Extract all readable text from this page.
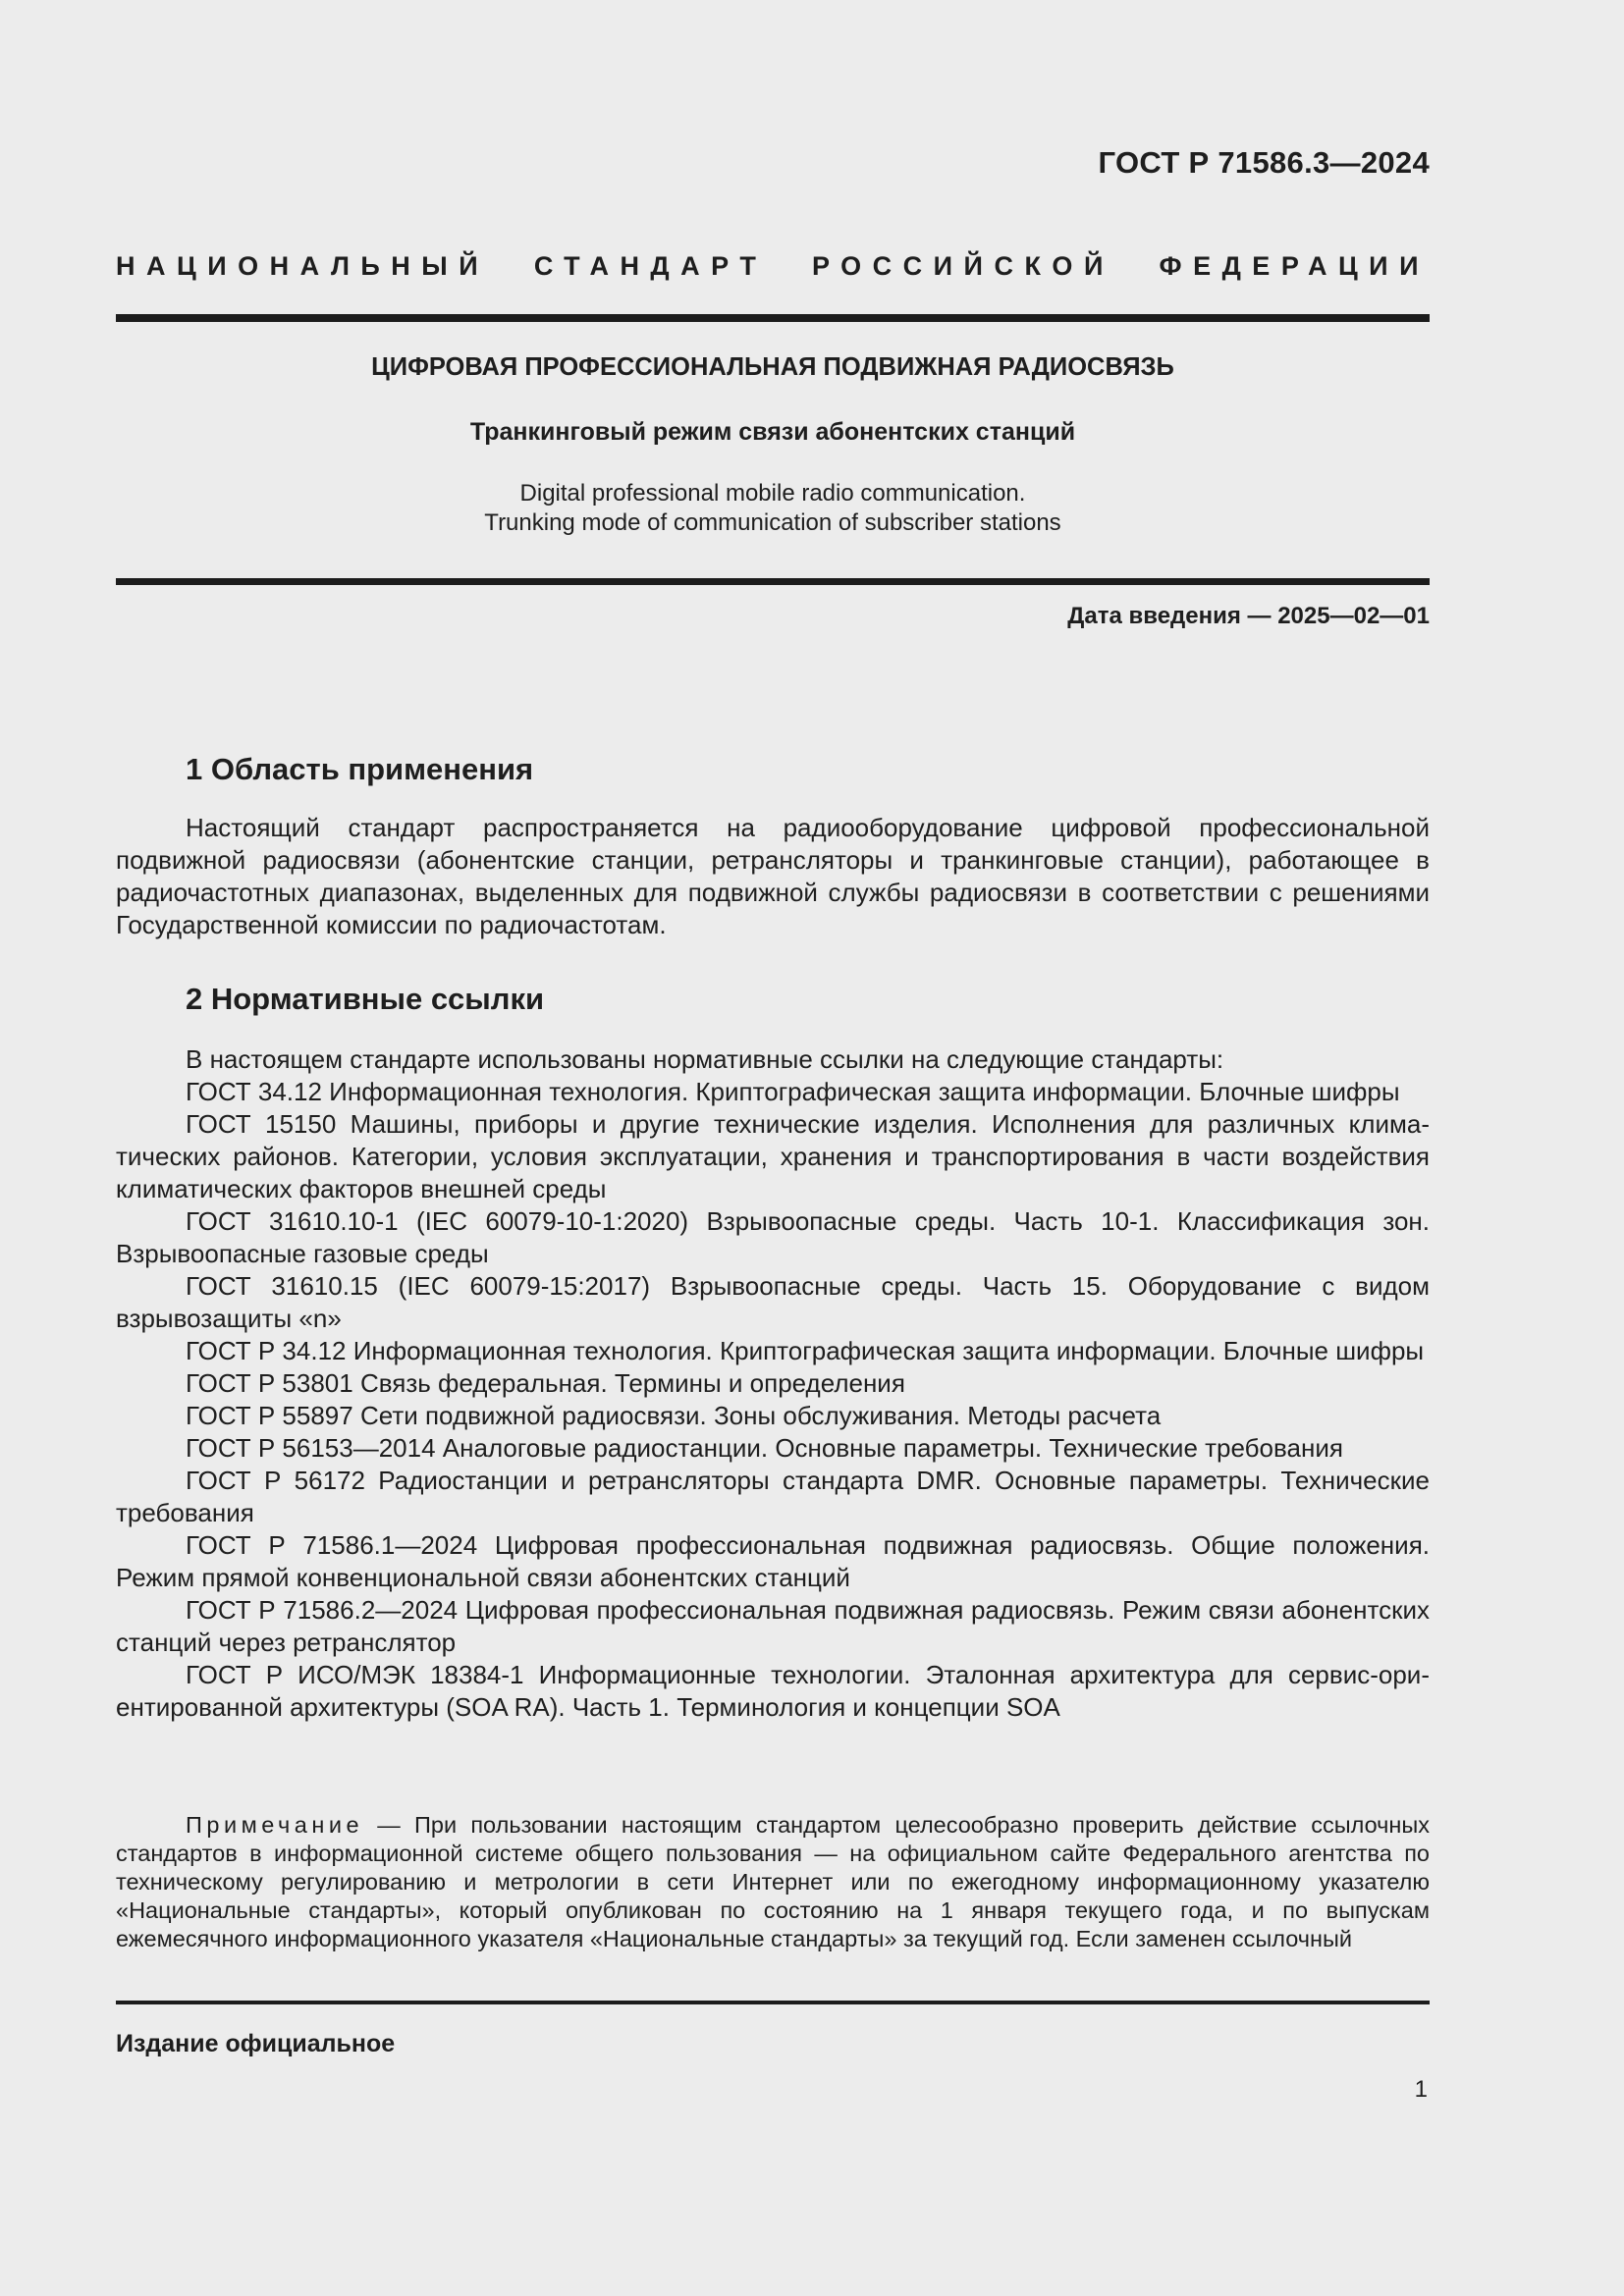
ГОСТ Р 71586.3—2024
НАЦИОНАЛЬНЫЙ СТАНДАРТ РОССИЙСКОЙ ФЕДЕРАЦИИ
ЦИФРОВАЯ ПРОФЕССИОНАЛЬНАЯ ПОДВИЖНАЯ РАДИОСВЯЗЬ
Транкинговый режим связи абонентских станций
Digital professional mobile radio communication.
Trunking mode of communication of subscriber stations
Дата введения — 2025—02—01
1 Область применения

Настоящий стандарт распространяется на радиооборудование цифровой профессиональной подвижной радиосвязи (абонентские станции, ретрансляторы и транкинговые станции), работающее в радиочастотных диапазонах, выделенных для подвижной службы радиосвязи в соответствии с решениями Государственной комиссии по радиочастотам.

2 Нормативные ссылки
В настоящем стандарте использованы нормативные ссылки на следующие стандарты:
ГОСТ 34.12 Информационная технология. Криптографическая защита информации. Блочные шифры
ГОСТ 15150 Машины, приборы и другие технические изделия. Исполнения для различных климатических районов. Категории, условия эксплуатации, хранения и транспортирования в части воздействия климатических факторов внешней среды
ГОСТ 31610.10-1 (IEC 60079-10-1:2020) Взрывоопасные среды. Часть 10-1. Классификация зон. Взрывоопасные газовые среды
ГОСТ 31610.15 (IEC 60079-15:2017) Взрывоопасные среды. Часть 15. Оборудование с видом взрывозащиты «n»
ГОСТ Р 34.12 Информационная технология. Криптографическая защита информации. Блочные шифры
ГОСТ Р 53801 Связь федеральная. Термины и определения
ГОСТ Р 55897 Сети подвижной радиосвязи. Зоны обслуживания. Методы расчета
ГОСТ Р 56153—2014 Аналоговые радиостанции. Основные параметры. Технические требования
ГОСТ Р 56172 Радиостанции и ретрансляторы стандарта DMR. Основные параметры. Технические требования
ГОСТ Р 71586.1—2024 Цифровая профессиональная подвижная радиосвязь. Общие положения. Режим прямой конвенциональной связи абонентских станций
ГОСТ Р 71586.2—2024 Цифровая профессиональная подвижная радиосвязь. Режим связи абонентских станций через ретранслятор
ГОСТ Р ИСО/МЭК 18384-1 Информационные технологии. Эталонная архитектура для сервис-ориентированной архитектуры (SOA RA). Часть 1. Терминология и концепции SOA

Примечание — При пользовании настоящим стандартом целесообразно проверить действие ссылочных стандартов в информационной системе общего пользования — на официальном сайте Федерального агентства по техническому регулированию и метрологии в сети Интернет или по ежегодному информационному указателю «Национальные стандарты», который опубликован по состоянию на 1 января текущего года, и по выпускам ежемесячного информационного указателя «Национальные стандарты» за текущий год. Если заменен ссылочный

Издание официальное
1
